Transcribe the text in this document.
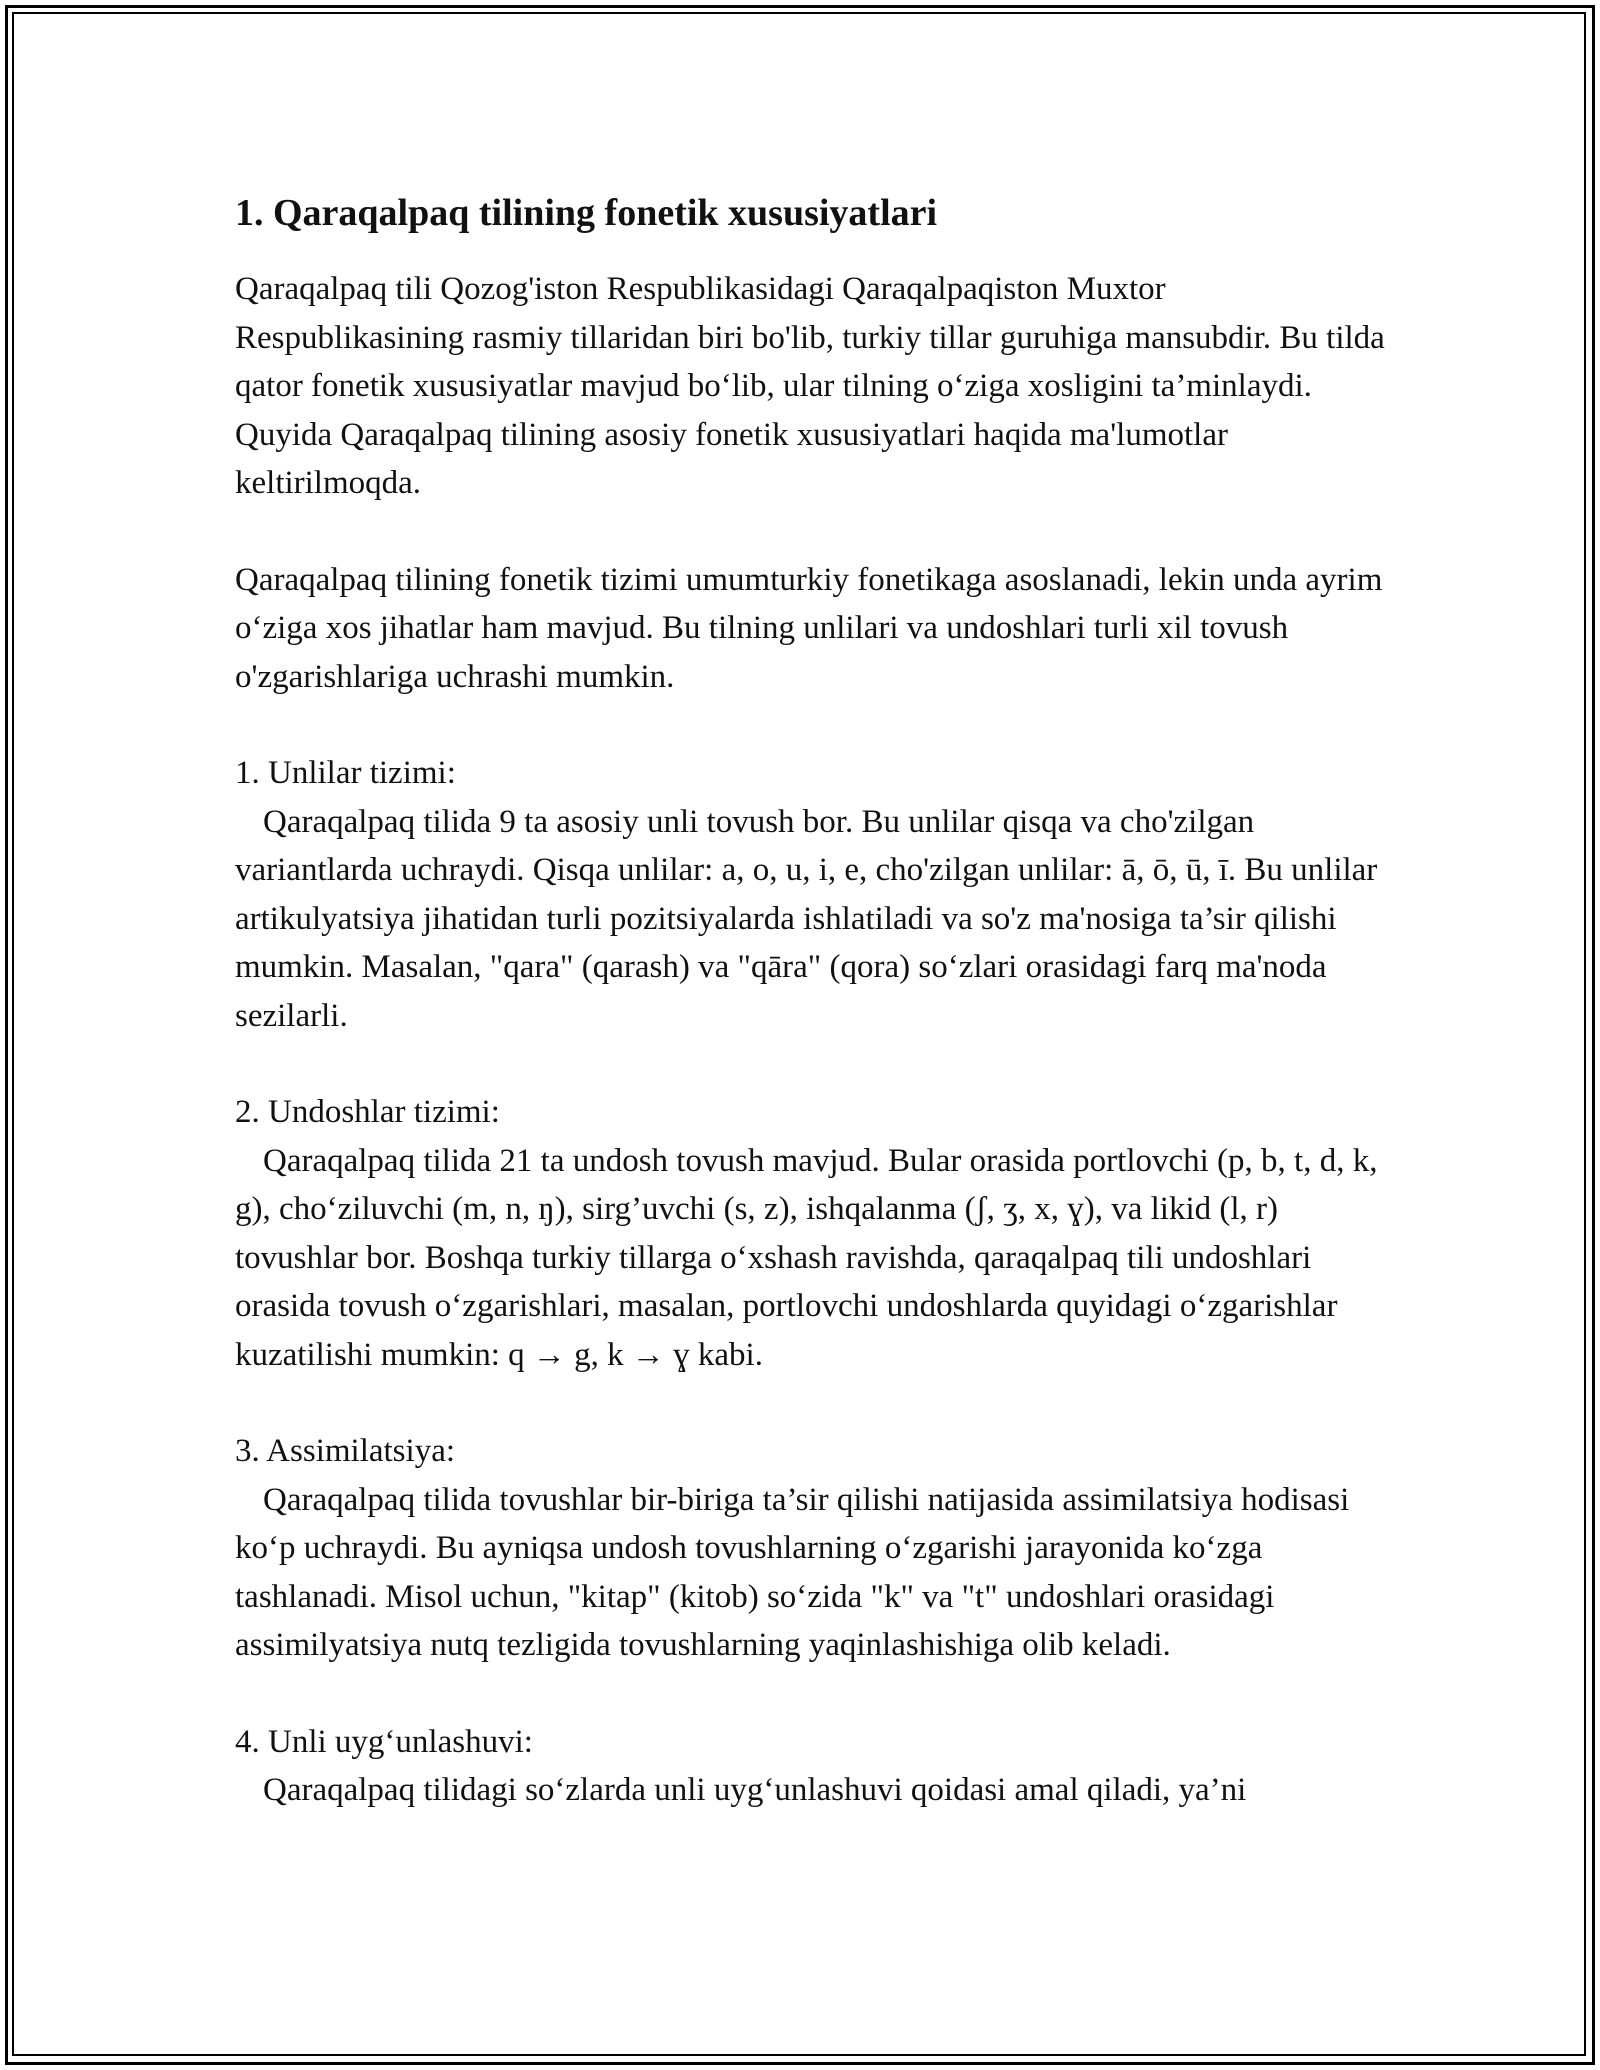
1. Qaraqalpaq tilining fonetik xususiyatlari

Qaraqalpaq tili Qozog'iston Respublikasidagi Qaraqalpaqiston Muxtor Respublikasining rasmiy tillaridan biri bo'lib, turkiy tillar guruhiga mansubdir. Bu tilda qator fonetik xususiyatlar mavjud bo‘lib, ular tilning o‘ziga xosligini ta’minlaydi. Quyida Qaraqalpaq tilining asosiy fonetik xususiyatlari haqida ma'lumotlar keltirilmoqda.

Qaraqalpaq tilining fonetik tizimi umumturkiy fonetikaga asoslanadi, lekin unda ayrim o‘ziga xos jihatlar ham mavjud. Bu tilning unlilari va undoshlari turli xil tovush o'zgarishlariga uchrashi mumkin.

1. Unlilar tizimi:

Qaraqalpaq tilida 9 ta asosiy unli tovush bor. Bu unlilar qisqa va cho'zilgan variantlarda uchraydi. Qisqa unlilar: a, o, u, i, e, cho'zilgan unlilar: ā, ō, ū, ī. Bu unlilar artikulyatsiya jihatidan turli pozitsiyalarda ishlatiladi va so'z ma'nosiga ta’sir qilishi mumkin. Masalan, "qara" (qarash) va "qāra" (qora) so‘zlari orasidagi farq ma'noda sezilarli.

2. Undoshlar tizimi:

Qaraqalpaq tilida 21 ta undosh tovush mavjud. Bular orasida portlovchi (p, b, t, d, k, g), cho‘ziluvchi (m, n, ŋ), sirg’uvchi (s, z), ishqalanma (ʃ, ʒ, x, ɣ), va likid (l, r) tovushlar bor. Boshqa turkiy tillarga o‘xshash ravishda, qaraqalpaq tili undoshlari orasida tovush o‘zgarishlari, masalan, portlovchi undoshlarda quyidagi o‘zgarishlar kuzatilishi mumkin: q → g, k → ɣ kabi.

3. Assimilatsiya:

Qaraqalpaq tilida tovushlar bir-biriga ta’sir qilishi natijasida assimilatsiya hodisasi ko‘p uchraydi. Bu ayniqsa undosh tovushlarning o‘zgarishi jarayonida ko‘zga tashlanadi. Misol uchun, "kitap" (kitob) so‘zida "k" va "t" undoshlari orasidagi assimilyatsiya nutq tezligida tovushlarning yaqinlashishiga olib keladi.

4. Unli uyg‘unlashuvi:

Qaraqalpaq tilidagi so‘zlarda unli uyg‘unlashuvi qoidasi amal qiladi, ya’ni
